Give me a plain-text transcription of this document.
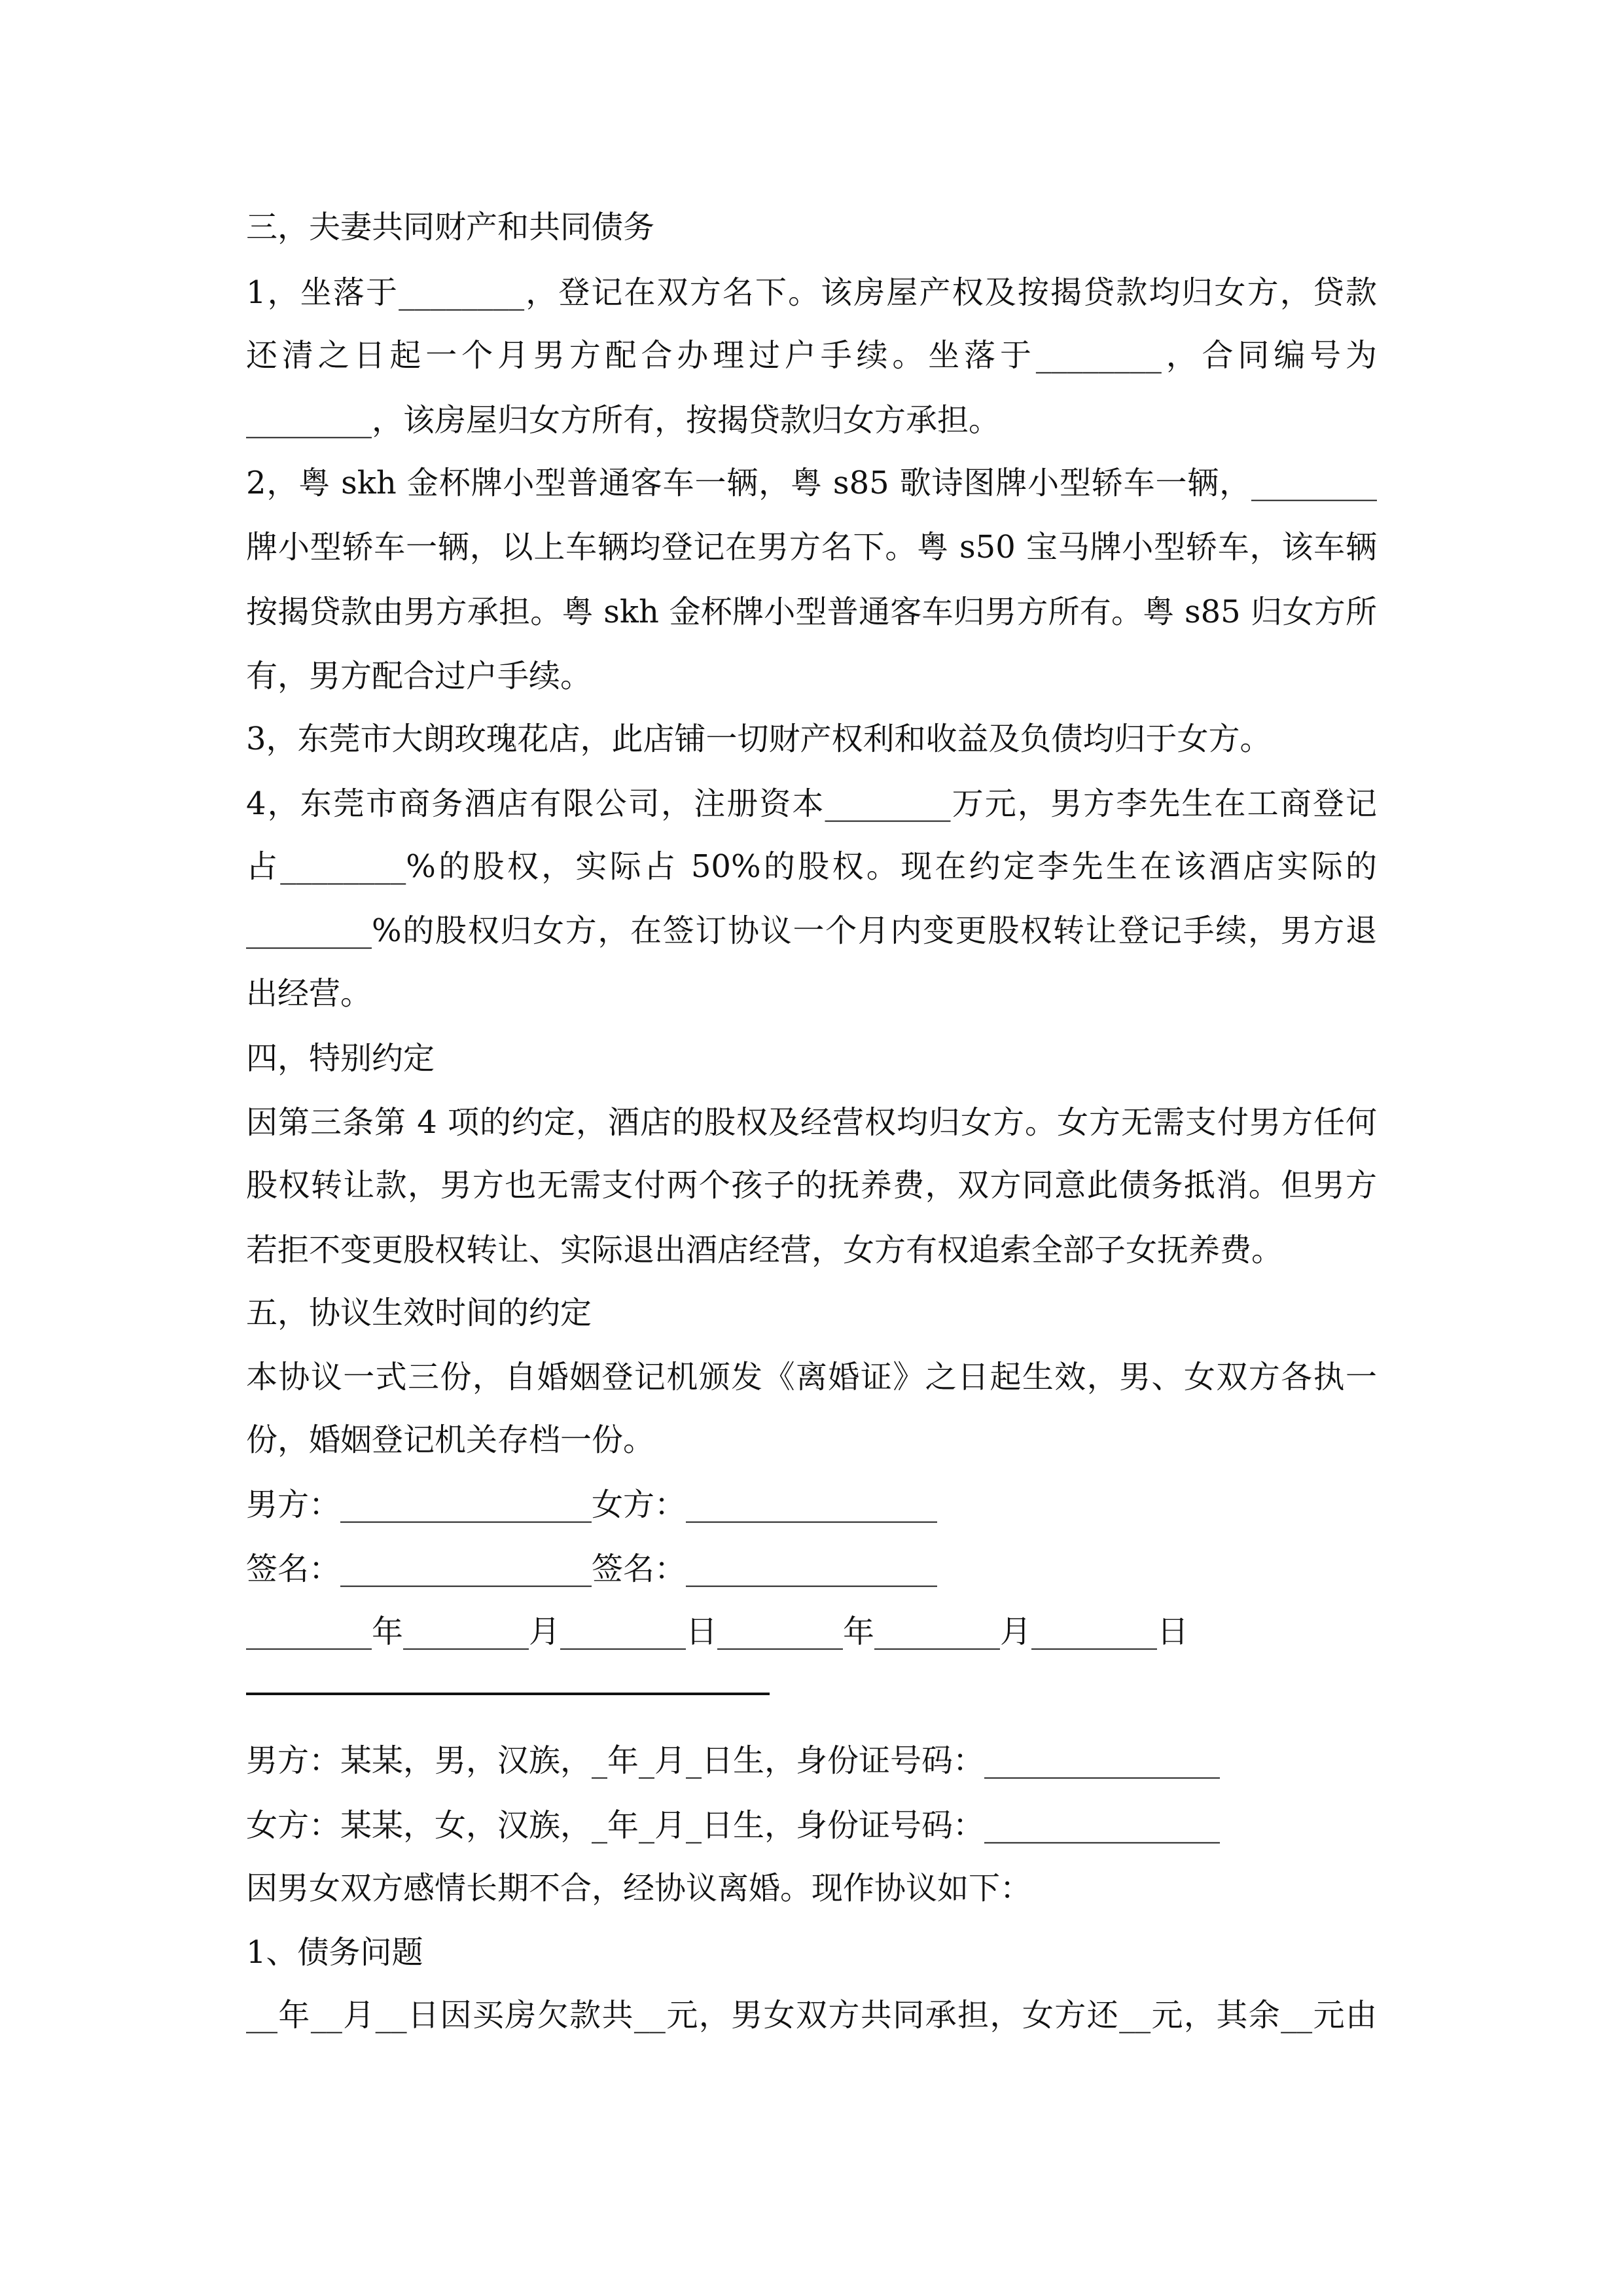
三，夫妻共同财产和共同债务
1，坐落于________，登记在双方名下。该房屋产权及按揭贷款均归女方，贷款
还清之日起一个月男方配合办理过户手续。坐落于________，合同编号为
________，该房屋归女方所有，按揭贷款归女方承担。
2，粤 skh 金杯牌小型普通客车一辆，粤 s85 歌诗图牌小型轿车一辆，________
牌小型轿车一辆，以上车辆均登记在男方名下。粤 s50 宝马牌小型轿车，该车辆
按揭贷款由男方承担。粤 skh 金杯牌小型普通客车归男方所有。粤 s85 归女方所
有，男方配合过户手续。
3，东莞市大朗玫瑰花店，此店铺一切财产权利和收益及负债均归于女方。
4，东莞市商务酒店有限公司，注册资本________万元，男方李先生在工商登记
占________%的股权，实际占 50%的股权。现在约定李先生在该酒店实际的
________%的股权归女方，在签订协议一个月内变更股权转让登记手续，男方退
出经营。
四，特别约定
因第三条第 4 项的约定，酒店的股权及经营权均归女方。女方无需支付男方任何
股权转让款，男方也无需支付两个孩子的抚养费，双方同意此债务抵消。但男方
若拒不变更股权转让、实际退出酒店经营，女方有权追索全部子女抚养费。
五，协议生效时间的约定
本协议一式三份，自婚姻登记机颁发《离婚证》之日起生效，男、女双方各执一
份，婚姻登记机关存档一份。
男方：________________女方：________________
签名：________________签名：________________
________年________月________日________年________月________日
男方：某某，男，汉族，_年_月_日生，身份证号码：_______________
女方：某某，女，汉族，_年_月_日生，身份证号码：_______________
因男女双方感情长期不合，经协议离婚。现作协议如下：
1、债务问题
__年__月__日因买房欠款共__元，男女双方共同承担，女方还__元，其余__元由
